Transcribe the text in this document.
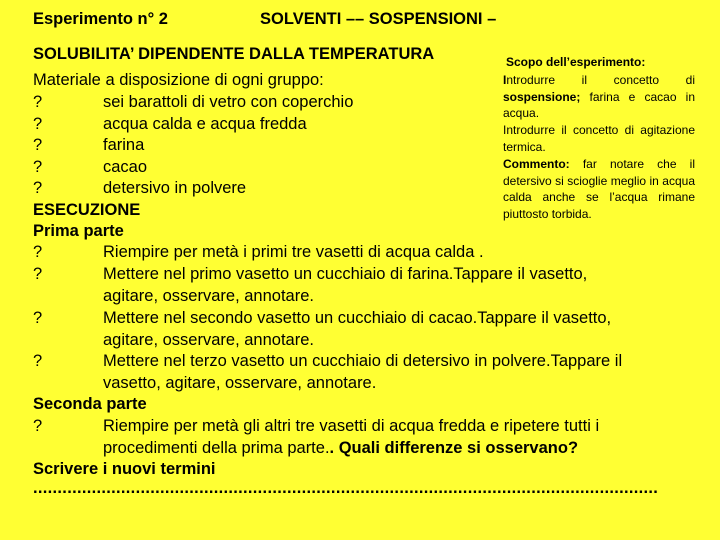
Esperimento n° 2	SOLVENTI –– SOSPENSIONI –
SOLUBILITA’ DIPENDENTE DALLA TEMPERATURA
Materiale a disposizione di ogni gruppo:
?	sei barattoli di vetro con coperchio
?	acqua calda e acqua fredda
?	farina
?	cacao
?	detersivo in polvere
ESECUZIONE
Prima parte
?	Riempire per metà i primi tre vasetti di acqua calda .
?	Mettere nel primo vasetto un cucchiaio di farina.Tappare il vasetto,
agitare, osservare, annotare.
?	Mettere nel secondo vasetto un cucchiaio di cacao.Tappare il vasetto,
agitare, osservare, annotare.
?	Mettere nel terzo vasetto un cucchiaio di detersivo in polvere.Tappare il
vasetto, agitare, osservare, annotare.
Seconda parte
?	Riempire per metà gli altri tre vasetti di acqua fredda e ripetere tutti i
procedimenti della prima parte.. Quali differenze si osservano?
Scrivere i nuovi termini
................................................................................................................................

Scopo dell’esperimento:

Introdurre il concetto di sospensione; farina e cacao in acqua.

Introdurre il concetto di agitazione termica.

Commento: far notare che il detersivo si scioglie meglio in acqua calda anche se l’acqua rimane piuttosto torbida.
